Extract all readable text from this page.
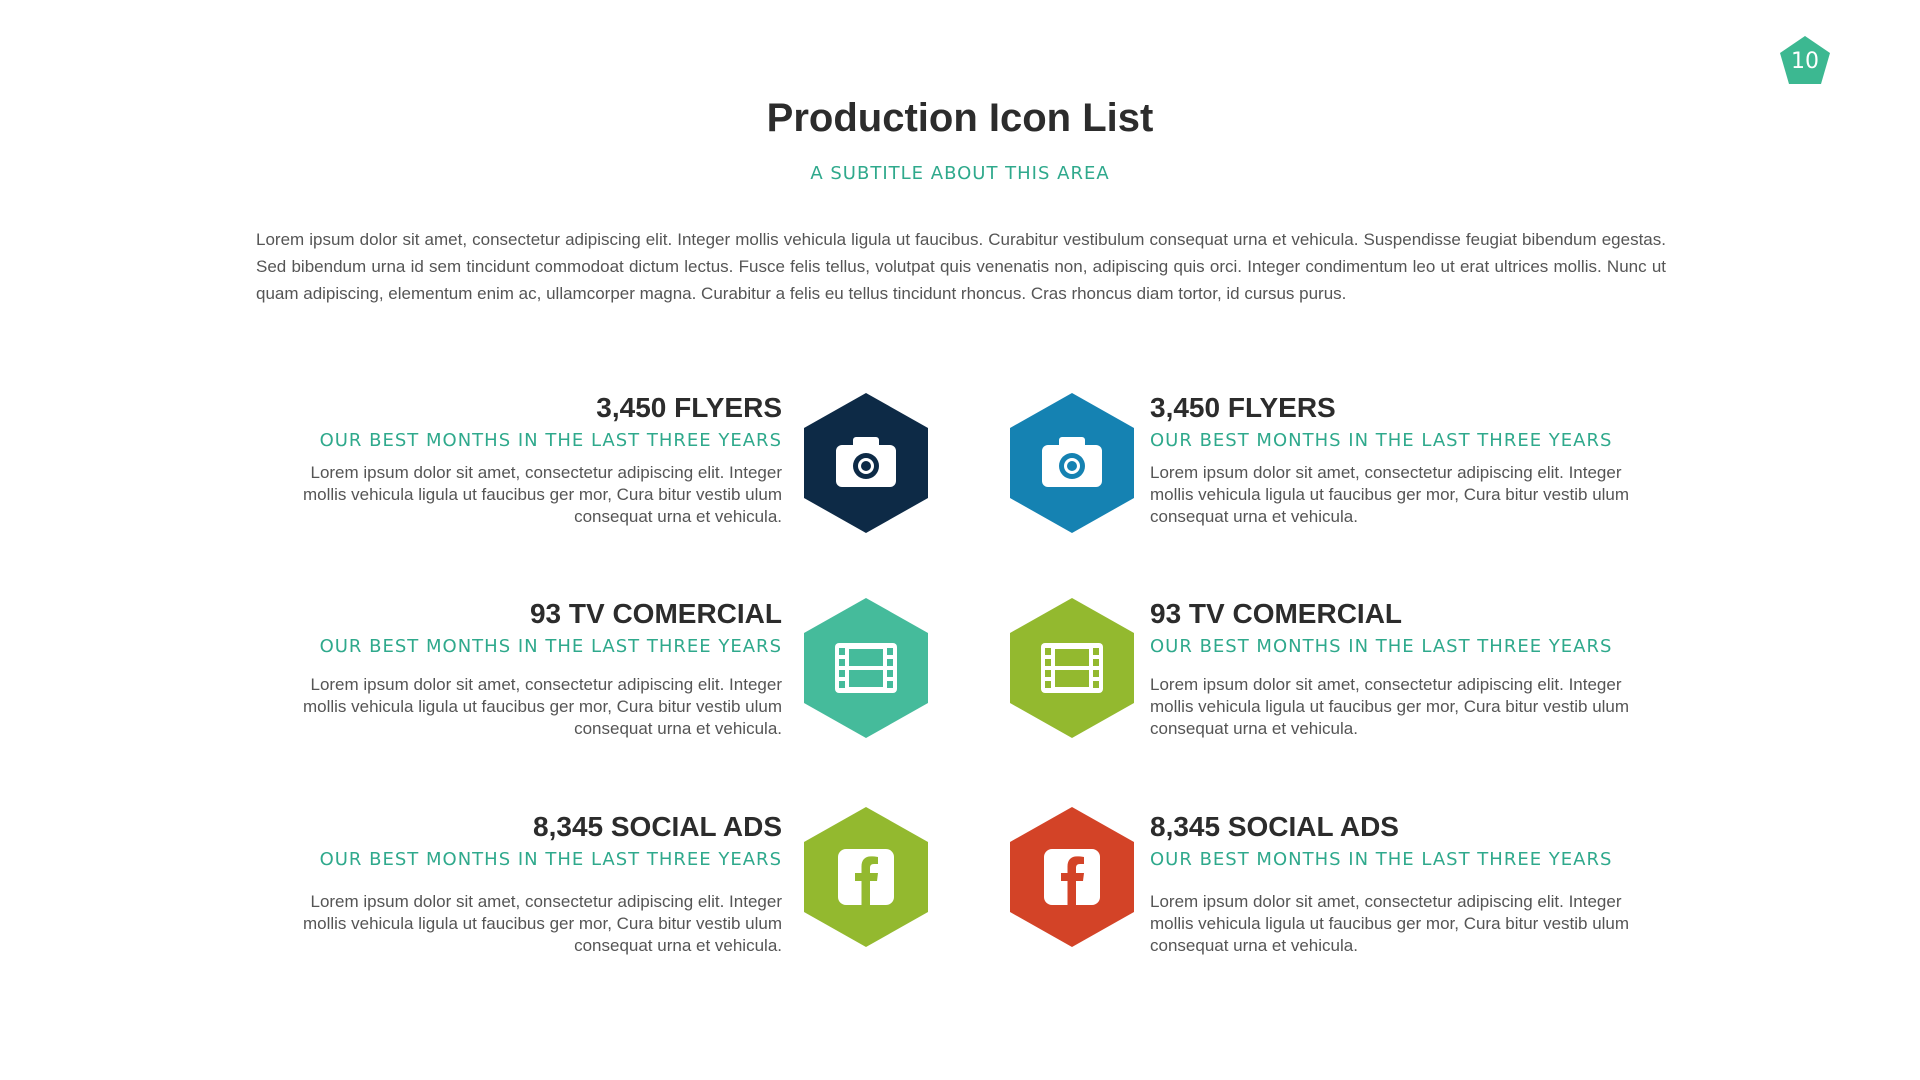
10
Production Icon List

A SUBTITLE ABOUT THIS AREA

Lorem ipsum dolor sit amet, consectetur adipiscing elit. Integer mollis vehicula ligula ut faucibus. Curabitur vestibulum consequat urna et vehicula. Suspendisse feugiat bibendum egestas. Sed bibendum urna id sem tincidunt commodoat dictum lectus. Fusce felis tellus, volutpat quis venenatis non, adipiscing quis orci. Integer condimentum leo ut erat ultrices mollis. Nunc ut quam adipiscing, elementum enim ac, ullamcorper magna. Curabitur a felis eu tellus tincidunt rhoncus. Cras rhoncus diam tortor, id cursus purus.

3,450 FLYERS

OUR BEST MONTHS IN THE LAST THREE YEARS

Lorem ipsum dolor sit amet, consectetur adipiscing elit. Integer mollis vehicula ligula ut faucibus ger mor, Cura bitur vestib ulum consequat urna et vehicula.

3,450 FLYERS

OUR BEST MONTHS IN THE LAST THREE YEARS

Lorem ipsum dolor sit amet, consectetur adipiscing elit. Integer mollis vehicula ligula ut faucibus ger mor, Cura bitur vestib ulum consequat urna et vehicula.

93 TV COMERCIAL

OUR BEST MONTHS IN THE LAST THREE YEARS

Lorem ipsum dolor sit amet, consectetur adipiscing elit. Integer mollis vehicula ligula ut faucibus ger mor, Cura bitur vestib ulum consequat urna et vehicula.

93 TV COMERCIAL

OUR BEST MONTHS IN THE LAST THREE YEARS

Lorem ipsum dolor sit amet, consectetur adipiscing elit. Integer mollis vehicula ligula ut faucibus ger mor, Cura bitur vestib ulum consequat urna et vehicula.

8,345 SOCIAL ADS

OUR BEST MONTHS IN THE LAST THREE YEARS

Lorem ipsum dolor sit amet, consectetur adipiscing elit. Integer mollis vehicula ligula ut faucibus ger mor, Cura bitur vestib ulum consequat urna et vehicula.

8,345 SOCIAL ADS

OUR BEST MONTHS IN THE LAST THREE YEARS

Lorem ipsum dolor sit amet, consectetur adipiscing elit. Integer mollis vehicula ligula ut faucibus ger mor, Cura bitur vestib ulum consequat urna et vehicula.
